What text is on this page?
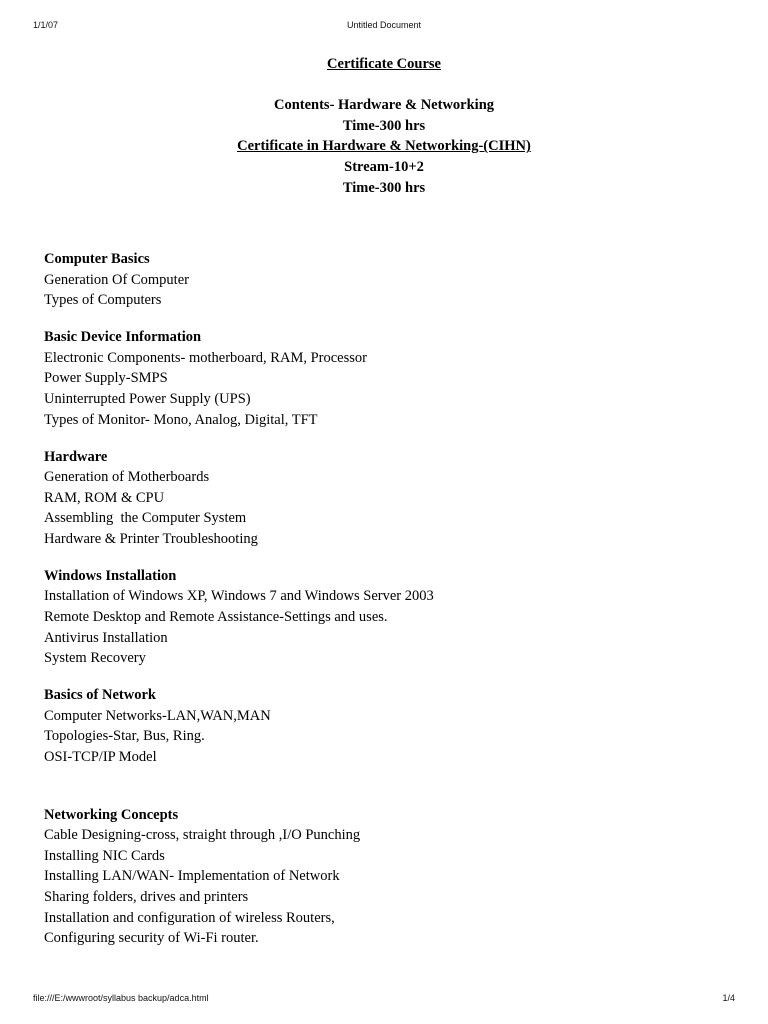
1/1/07	Untitled Document
Certificate Course
Contents- Hardware & Networking
Time-300 hrs
Certificate in Hardware & Networking-(CIHN)
Stream-10+2
Time-300 hrs
Computer Basics
Generation Of Computer
Types of Computers
Basic Device Information
Electronic Components- motherboard, RAM, Processor
Power Supply-SMPS
Uninterrupted Power Supply (UPS)
Types of Monitor- Mono, Analog, Digital, TFT
Hardware
Generation of Motherboards
RAM, ROM & CPU
Assembling  the Computer System
Hardware & Printer Troubleshooting
Windows Installation
Installation of Windows XP, Windows 7 and Windows Server 2003
Remote Desktop and Remote Assistance-Settings and uses.
Antivirus Installation
System Recovery
Basics of Network
Computer Networks-LAN,WAN,MAN
Topologies-Star, Bus, Ring.
OSI-TCP/IP Model
Networking Concepts
Cable Designing-cross, straight through ,I/O Punching
Installing NIC Cards
Installing LAN/WAN- Implementation of Network
Sharing folders, drives and printers
Installation and configuration of wireless Routers,
Configuring security of Wi-Fi router.
file:///E:/wwwroot/syllabus backup/adca.html	1/4
